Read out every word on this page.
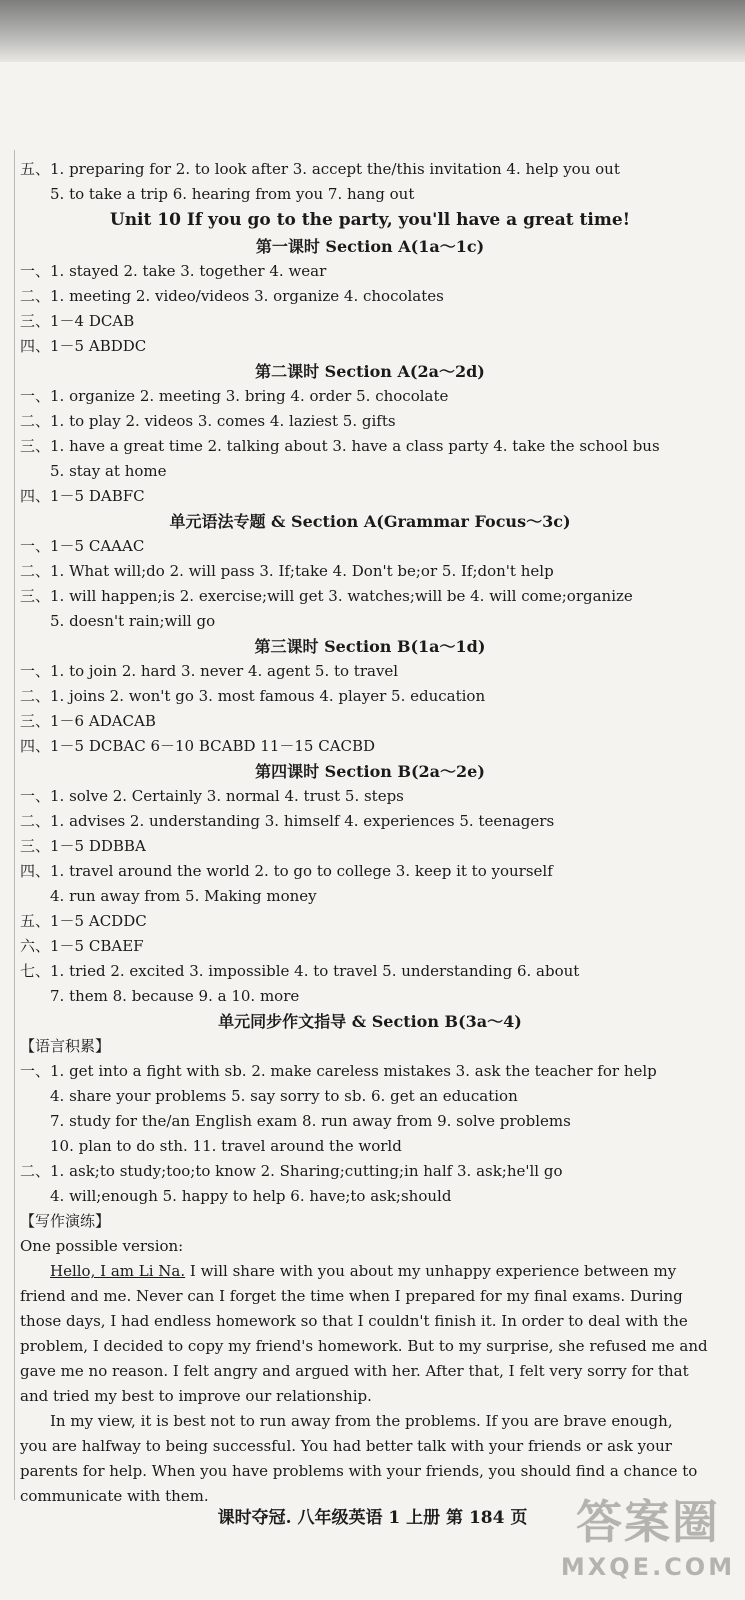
五、1. preparing for 2. to look after 3. accept the/this invitation 4. help you out
5. to take a trip 6. hearing from you 7. hang out
Unit 10 If you go to the party, you'll have a great time!
第一课时 Section A(1a～1c)
一、1. stayed 2. take 3. together 4. wear
二、1. meeting 2. video/videos 3. organize 4. chocolates
三、1－4 DCAB
四、1－5 ABDDC
第二课时 Section A(2a～2d)
一、1. organize 2. meeting 3. bring 4. order 5. chocolate
二、1. to play 2. videos 3. comes 4. laziest 5. gifts
三、1. have a great time 2. talking about 3. have a class party 4. take the school bus
5. stay at home
四、1－5 DABFC
单元语法专题 & Section A(Grammar Focus～3c)
一、1－5 CAAAC
二、1. What will;do 2. will pass 3. If;take 4. Don't be;or 5. If;don't help
三、1. will happen;is 2. exercise;will get 3. watches;will be 4. will come;organize
5. doesn't rain;will go
第三课时 Section B(1a～1d)
一、1. to join 2. hard 3. never 4. agent 5. to travel
二、1. joins 2. won't go 3. most famous 4. player 5. education
三、1－6 ADACAB
四、1－5 DCBAC 6－10 BCABD 11－15 CACBD
第四课时 Section B(2a～2e)
一、1. solve 2. Certainly 3. normal 4. trust 5. steps
二、1. advises 2. understanding 3. himself 4. experiences 5. teenagers
三、1－5 DDBBA
四、1. travel around the world 2. to go to college 3. keep it to yourself
4. run away from 5. Making money
五、1－5 ACDDC
六、1－5 CBAEF
七、1. tried 2. excited 3. impossible 4. to travel 5. understanding 6. about
7. them 8. because 9. a 10. more
单元同步作文指导 & Section B(3a～4)
【语言积累】
一、1. get into a fight with sb. 2. make careless mistakes 3. ask the teacher for help
4. share your problems 5. say sorry to sb. 6. get an education
7. study for the/an English exam 8. run away from 9. solve problems
10. plan to do sth. 11. travel around the world
二、1. ask;to study;too;to know 2. Sharing;cutting;in half 3. ask;he'll go
4. will;enough 5. happy to help 6. have;to ask;should
【写作演练】
One possible version:
Hello, I am Li Na. I will share with you about my unhappy experience between my
friend and me. Never can I forget the time when I prepared for my final exams. During
those days, I had endless homework so that I couldn't finish it. In order to deal with the
problem, I decided to copy my friend's homework. But to my surprise, she refused me and
gave me no reason. I felt angry and argued with her. After that, I felt very sorry for that
and tried my best to improve our relationship.
In my view, it is best not to run away from the problems. If you are brave enough,
you are halfway to being successful. You had better talk with your friends or ask your
parents for help. When you have problems with your friends, you should find a chance to
communicate with them.
课时夺冠. 八年级英语 1 上册 第 184 页	答案圈
MXQE.COM
